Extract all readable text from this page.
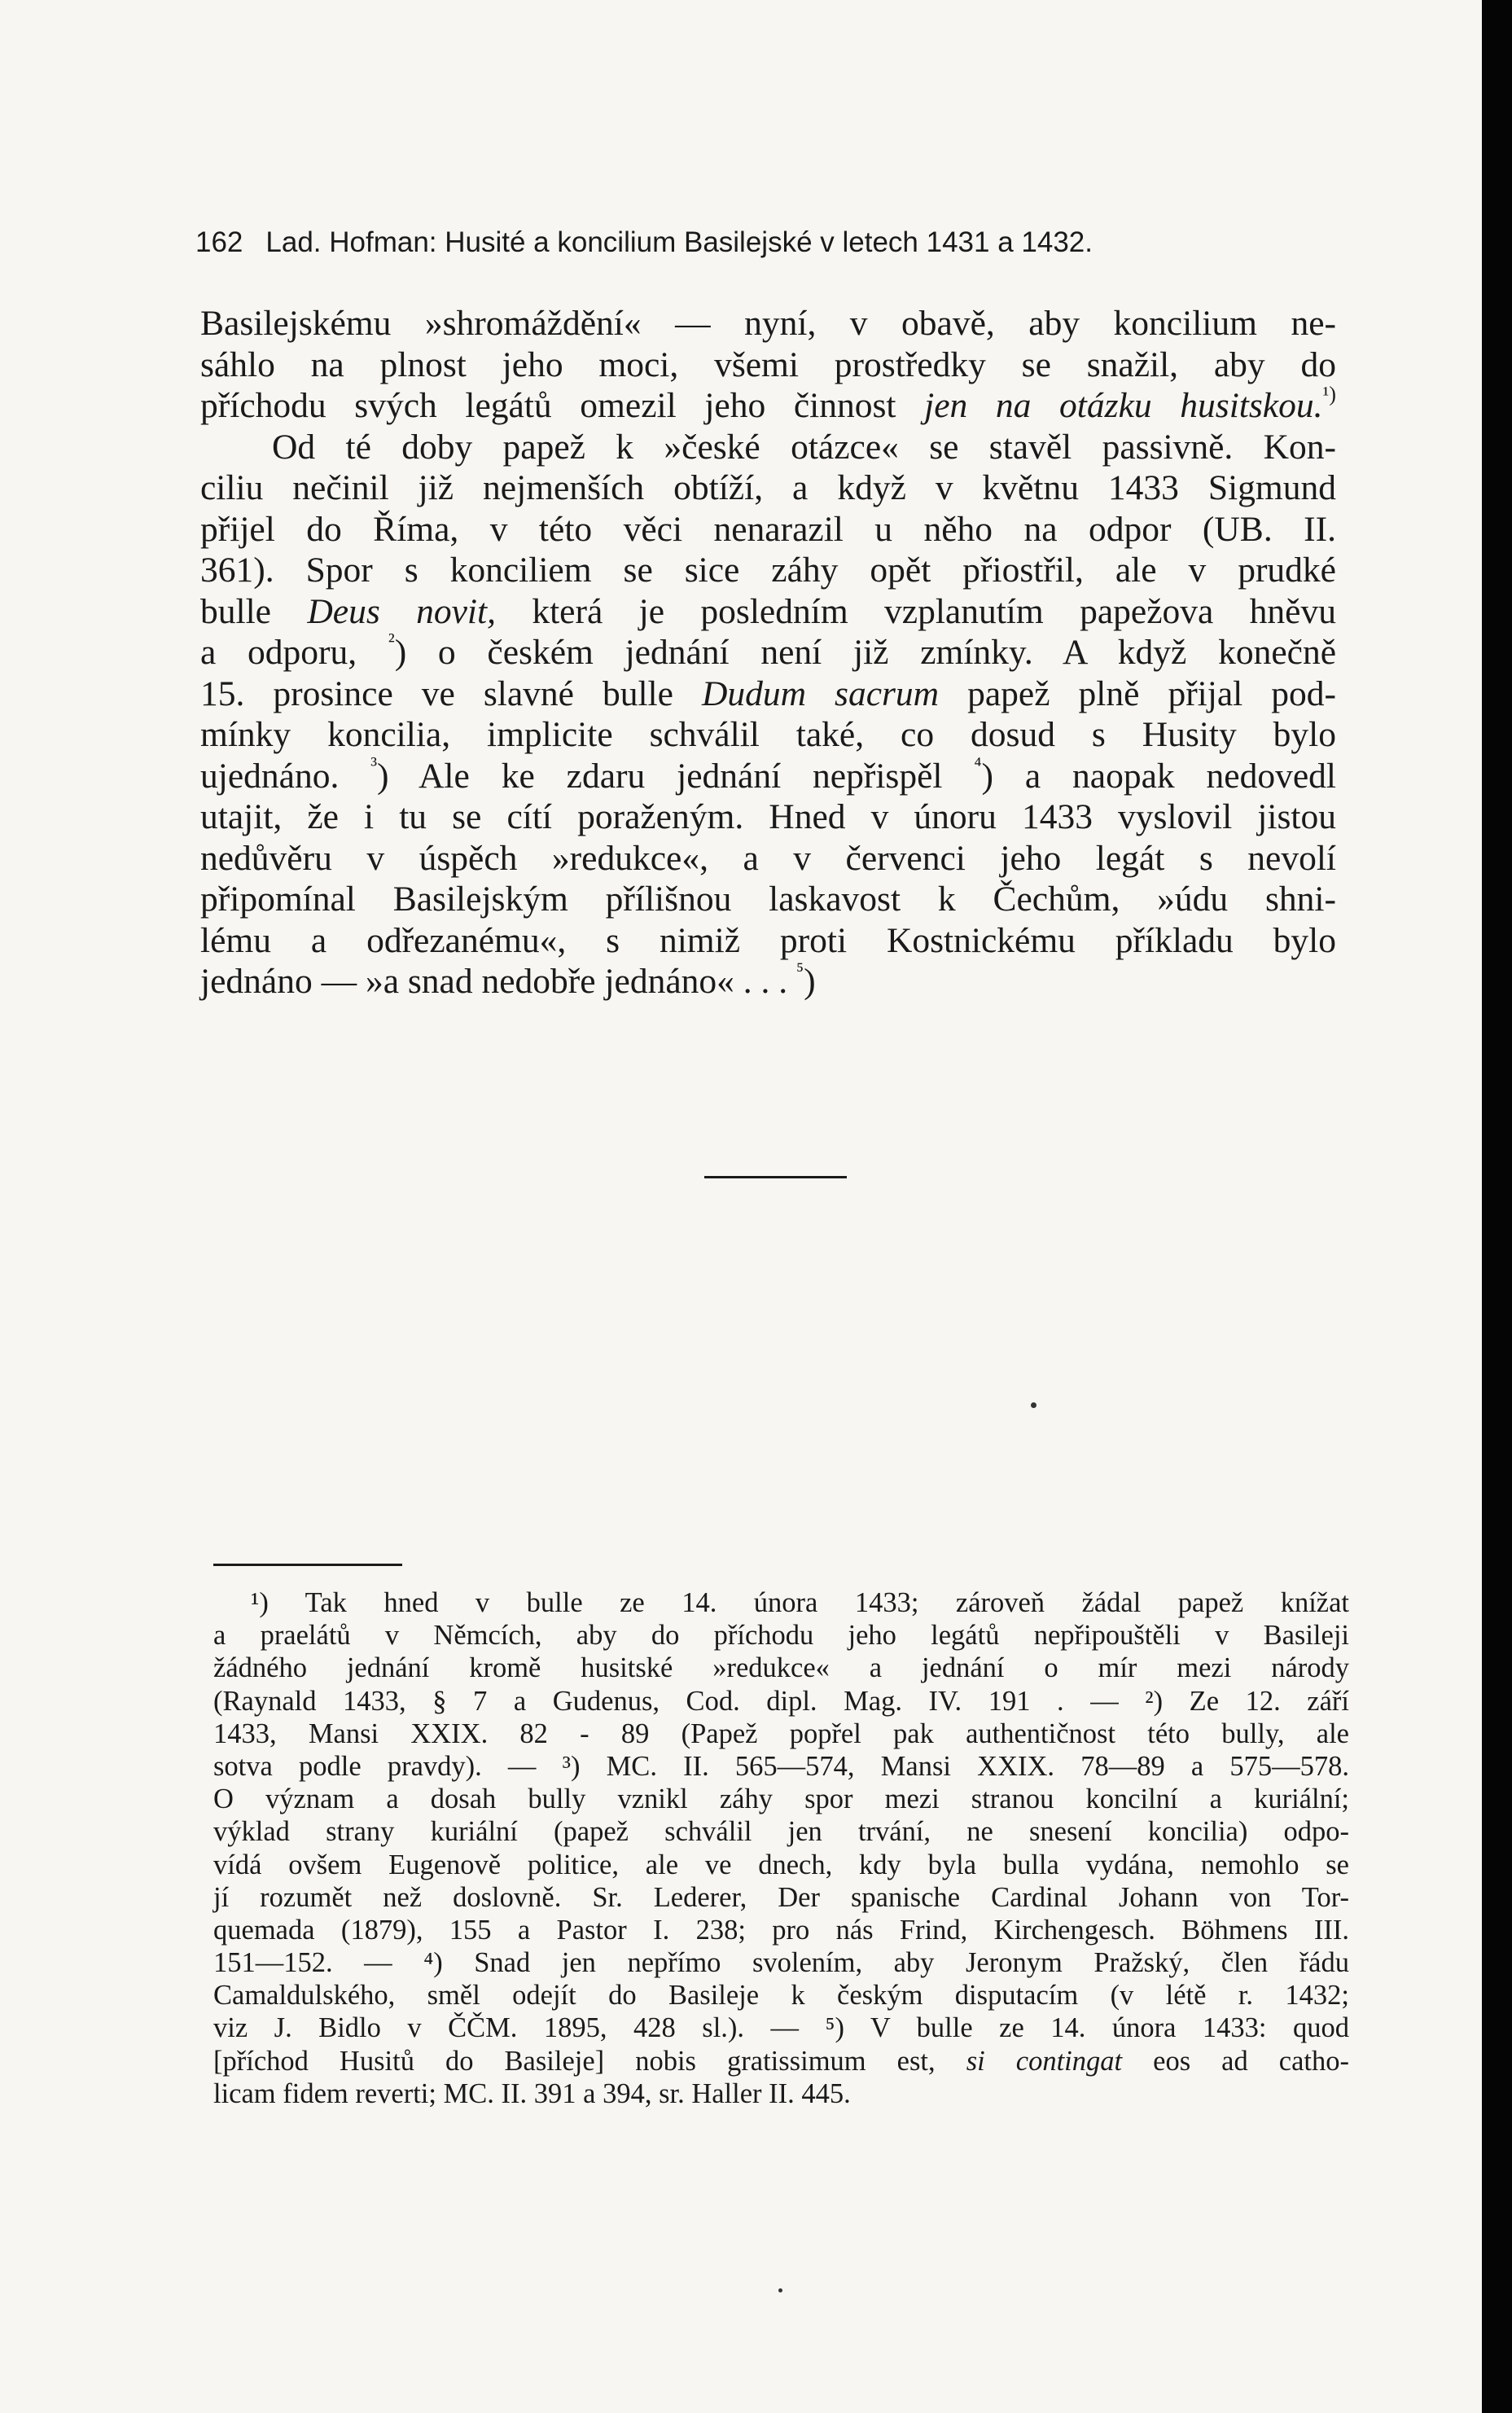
162 Lad. Hofman: Husité a koncilium Basilejské v letech 1431 a 1432.
Basilejskému »shromáždění« — nyní, v obavě, aby koncilium ne-
sáhlo na plnost jeho moci, všemi prostředky se snažil, aby do
příchodu svých legátů omezil jeho činnost jen na otázku husitskou.$^{^1)}$
Od té doby papež k »české otázce« se stavěl passivně. Kon-
ciliu nečinil již nejmenších obtíží, a když v květnu 1433 Sigmund
přijel do Říma, v této věci nenarazil u něho na odpor (UB. II.
361). Spor s konciliem se sice záhy opět přiostřil, ale v prudké
bulle Deus novit, která je posledním vzplanutím papežova hněvu
a odporu, $^{^2}$) o českém jednání není již zmínky. A když konečně
15. prosince ve slavné bulle Dudum sacrum papež plně přijal pod-
mínky koncilia, implicite schválil také, co dosud s Husity bylo
ujednáno. $^{^3}$) Ale ke zdaru jednání nepřispěl $^{^4}$) a naopak nedovedl
utajit, že i tu se cítí poraženým. Hned v únoru 1433 vyslovil jistou
nedůvěru v úspěch »redukce«, a v červenci jeho legát s nevolí
připomínal Basilejským přílišnou laskavost k Čechům, »údu shni-
lému a odřezanému«, s nimiž proti Kostnickému příkladu bylo
jednáno — »a snad nedobře jednáno« . . . $^{^5}$)
¹) Tak hned v bulle ze 14. února 1433; zároveň žádal papež knížat
a praelátů v Němcích, aby do příchodu jeho legátů nepřipouštěli v Basileji
žádného jednání kromě husitské »redukce« a jednání o mír mezi národy
(Raynald 1433, § 7 a Gudenus, Cod. dipl. Mag. IV. 191 . — ²) Ze 12. září
1433, Mansi XXIX. 82 - 89 (Papež popřel pak authentičnost této bully, ale
sotva podle pravdy). — ³) MC. II. 565—574, Mansi XXIX. 78—89 a 575—578.
O význam a dosah bully vznikl záhy spor mezi stranou koncilní a kuriální;
výklad strany kuriální (papež schválil jen trvání, ne snesení koncilia) odpo-
vídá ovšem Eugenově politice, ale ve dnech, kdy byla bulla vydána, nemohlo se
jí rozumět než doslovně. Sr. Lederer, Der spanische Cardinal Johann von Tor-
quemada (1879), 155 a Pastor I. 238; pro nás Frind, Kirchengesch. Böhmens III.
151—152. — ⁴) Snad jen nepřímo svolením, aby Jeronym Pražský, člen řádu
Camaldulského, směl odejít do Basileje k českým disputacím (v létě r. 1432;
viz J. Bidlo v ČČM. 1895, 428 sl.). — ⁵) V bulle ze 14. února 1433: quod
[příchod Husitů do Basileje] nobis gratissimum est, si contingat eos ad catho-
licam fidem reverti; MC. II. 391 a 394, sr. Haller II. 445.
